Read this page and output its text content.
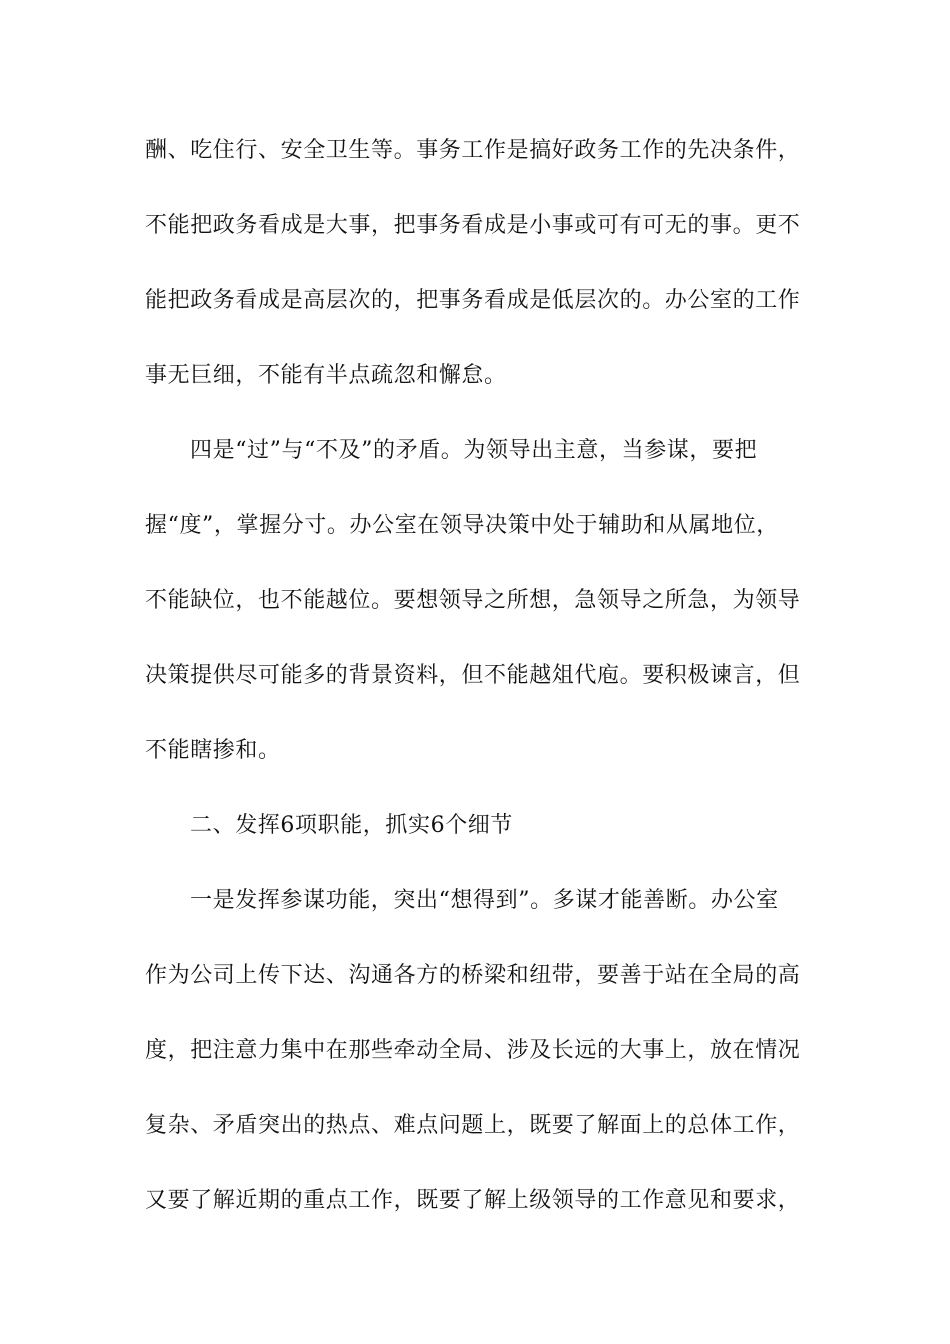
酬、吃住行、安全卫生等。事务工作是搞好政务工作的先决条件，
不能把政务看成是大事，把事务看成是小事或可有可无的事。更不
能把政务看成是高层次的，把事务看成是低层次的。办公室的工作
事无巨细，不能有半点疏忽和懈怠。
四是“过”与“不及”的矛盾。为领导出主意，当参谋，要把
握“度”，掌握分寸。办公室在领导决策中处于辅助和从属地位，
不能缺位，也不能越位。要想领导之所想，急领导之所急，为领导
决策提供尽可能多的背景资料，但不能越俎代庖。要积极谏言，但
不能瞎掺和。
二、发挥6项职能，抓实6个细节
一是发挥参谋功能，突出“想得到”。多谋才能善断。办公室
作为公司上传下达、沟通各方的桥梁和纽带，要善于站在全局的高
度，把注意力集中在那些牵动全局、涉及长远的大事上，放在情况
复杂、矛盾突出的热点、难点问题上，既要了解面上的总体工作，
又要了解近期的重点工作，既要了解上级领导的工作意见和要求，
